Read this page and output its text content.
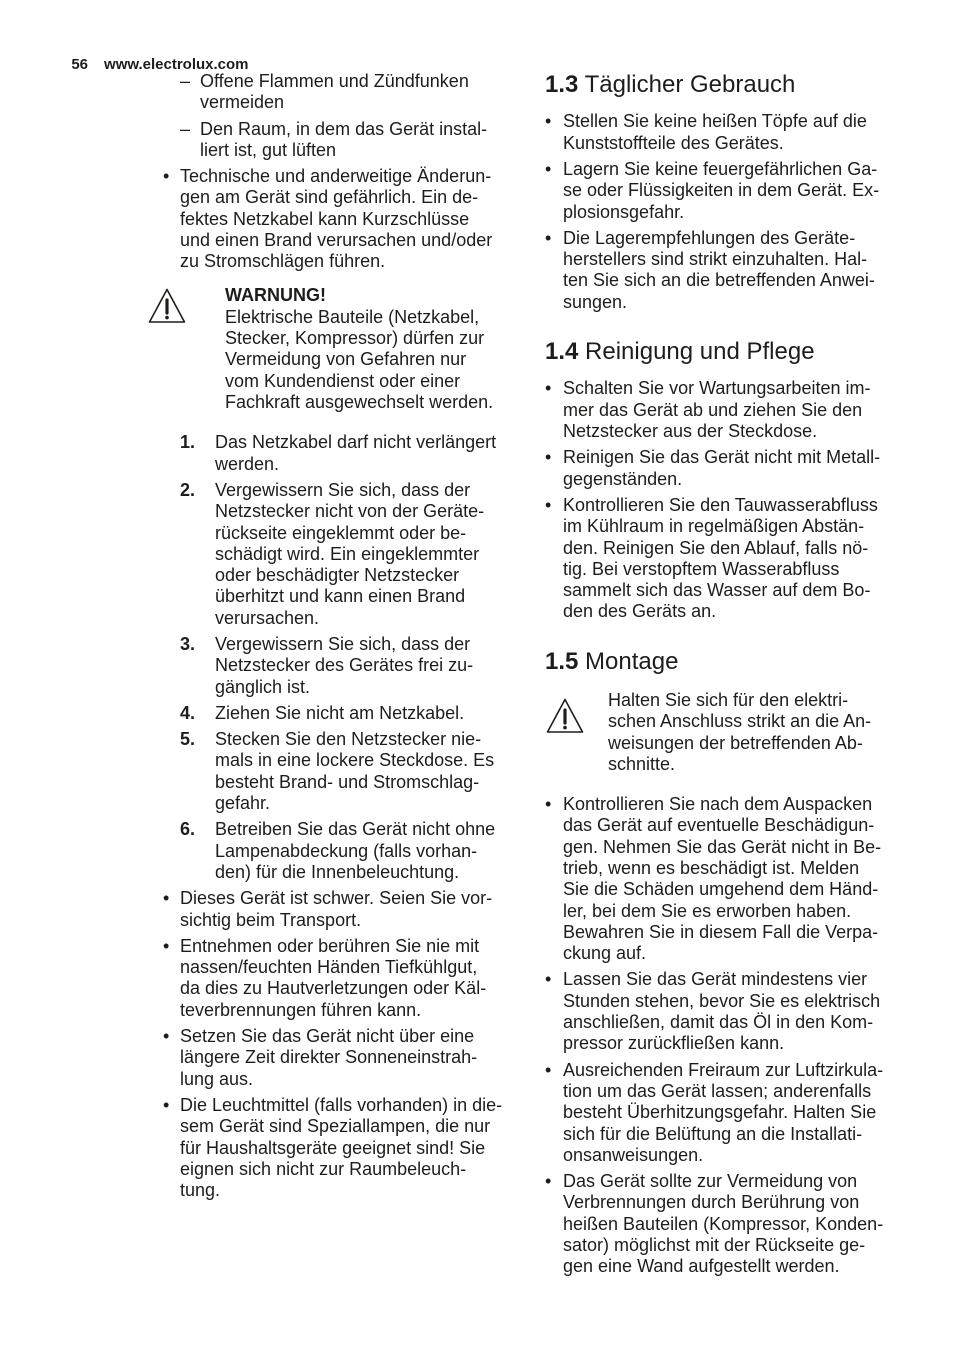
56 www.electrolux.com

– Offene Flammen und Zündfunken
vermeiden
– Den Raum, in dem das Gerät instal-
liert ist, gut lüften
• Technische und anderweitige Änderun-
gen am Gerät sind gefährlich. Ein de-
fektes Netzkabel kann Kurzschlüsse
und einen Brand verursachen und/oder
zu Stromschlägen führen.
WARNUNG!
Elektrische Bauteile (Netzkabel,
Stecker, Kompressor) dürfen zur
Vermeidung von Gefahren nur
vom Kundendienst oder einer
Fachkraft ausgewechselt werden.
1. Das Netzkabel darf nicht verlängert
werden.
2. Vergewissern Sie sich, dass der
Netzstecker nicht von der Geräte-
rückseite eingeklemmt oder be-
schädigt wird. Ein eingeklemmter
oder beschädigter Netzstecker
überhitzt und kann einen Brand
verursachen.
3. Vergewissern Sie sich, dass der
Netzstecker des Gerätes frei zu-
gänglich ist.
4. Ziehen Sie nicht am Netzkabel.
5. Stecken Sie den Netzstecker nie-
mals in eine lockere Steckdose. Es
besteht Brand- und Stromschlag-
gefahr.
6. Betreiben Sie das Gerät nicht ohne
Lampenabdeckung (falls vorhan-
den) für die Innenbeleuchtung.
• Dieses Gerät ist schwer. Seien Sie vor-
sichtig beim Transport.
• Entnehmen oder berühren Sie nie mit
nassen/feuchten Händen Tiefkühlgut,
da dies zu Hautverletzungen oder Käl-
teverbrennungen führen kann.
• Setzen Sie das Gerät nicht über eine
längere Zeit direkter Sonneneinstrah-
lung aus.
• Die Leuchtmittel (falls vorhanden) in die-
sem Gerät sind Speziallampen, die nur
für Haushaltsgeräte geeignet sind! Sie
eignen sich nicht zur Raumbeleuch-
tung.
1.3 Täglicher Gebrauch
• Stellen Sie keine heißen Töpfe auf die
Kunststoffteile des Gerätes.
• Lagern Sie keine feuergefährlichen Ga-
se oder Flüssigkeiten in dem Gerät. Ex-
plosionsgefahr.
• Die Lagerempfehlungen des Geräte-
herstellers sind strikt einzuhalten. Hal-
ten Sie sich an die betreffenden Anwei-
sungen.
1.4 Reinigung und Pflege
• Schalten Sie vor Wartungsarbeiten im-
mer das Gerät ab und ziehen Sie den
Netzstecker aus der Steckdose.
• Reinigen Sie das Gerät nicht mit Metall-
gegenständen.
• Kontrollieren Sie den Tauwasserabfluss
im Kühlraum in regelmäßigen Abstän-
den. Reinigen Sie den Ablauf, falls nö-
tig. Bei verstopftem Wasserabfluss
sammelt sich das Wasser auf dem Bo-
den des Geräts an.
1.5 Montage
Halten Sie sich für den elektri-
schen Anschluss strikt an die An-
weisungen der betreffenden Ab-
schnitte.
• Kontrollieren Sie nach dem Auspacken
das Gerät auf eventuelle Beschädigun-
gen. Nehmen Sie das Gerät nicht in Be-
trieb, wenn es beschädigt ist. Melden
Sie die Schäden umgehend dem Händ-
ler, bei dem Sie es erworben haben.
Bewahren Sie in diesem Fall die Verpa-
ckung auf.
• Lassen Sie das Gerät mindestens vier
Stunden stehen, bevor Sie es elektrisch
anschließen, damit das Öl in den Kom-
pressor zurückfließen kann.
• Ausreichenden Freiraum zur Luftzirkula-
tion um das Gerät lassen; anderenfalls
besteht Überhitzungsgefahr. Halten Sie
sich für die Belüftung an die Installati-
onsanweisungen.
• Das Gerät sollte zur Vermeidung von
Verbrennungen durch Berührung von
heißen Bauteilen (Kompressor, Konden-
sator) möglichst mit der Rückseite ge-
gen eine Wand aufgestellt werden.
